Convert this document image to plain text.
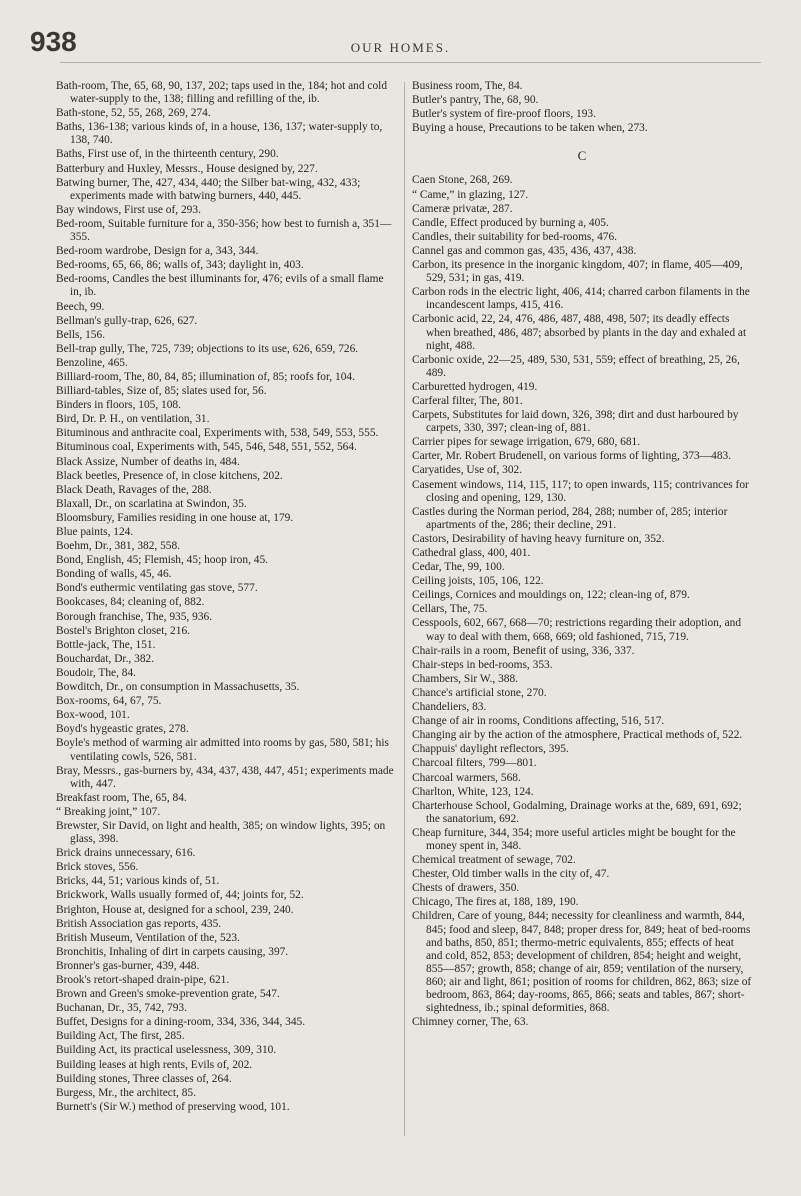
938	OUR HOMES.

Bath-room, The, 65, 68, 90, 137, 202; taps used in the, 184; hot and cold water-supply to the, 138; filling and refilling of the, ib.

Bath-stone, 52, 55, 268, 269, 274.

Baths, 136-138; various kinds of, in a house, 136, 137; water-supply to, 138, 740.

Baths, First use of, in the thirteenth century, 290.

Batterbury and Huxley, Messrs., House designed by, 227.

Batwing burner, The, 427, 434, 440; the Silber bat-wing, 432, 433; experiments made with batwing burners, 440, 445.

Bay windows, First use of, 293.

Bed-room, Suitable furniture for a, 350-356; how best to furnish a, 351—355.

Bed-room wardrobe, Design for a, 343, 344.

Bed-rooms, 65, 66, 86; walls of, 343; daylight in, 403.

Bed-rooms, Candles the best illuminants for, 476; evils of a small flame in, ib.

Beech, 99.

Bellman's gully-trap, 626, 627.

Bells, 156.

Bell-trap gully, The, 725, 739; objections to its use, 626, 659, 726.

Benzoline, 465.

Billiard-room, The, 80, 84, 85; illumination of, 85; roofs for, 104.

Billiard-tables, Size of, 85; slates used for, 56.

Binders in floors, 105, 108.

Bird, Dr. P. H., on ventilation, 31.

Bituminous and anthracite coal, Experiments with, 538, 549, 553, 555.

Bituminous coal, Experiments with, 545, 546, 548, 551, 552, 564.

Black Assize, Number of deaths in, 484.

Black beetles, Presence of, in close kitchens, 202.

Black Death, Ravages of the, 288.

Blaxall, Dr., on scarlatina at Swindon, 35.

Bloomsbury, Families residing in one house at, 179.

Blue paints, 124.

Boehm, Dr., 381, 382, 558.

Bond, English, 45; Flemish, 45; hoop iron, 45.

Bonding of walls, 45, 46.

Bond's euthermic ventilating gas stove, 577.

Bookcases, 84; cleaning of, 882.

Borough franchise, The, 935, 936.

Bostel's Brighton closet, 216.

Bottle-jack, The, 151.

Bouchardat, Dr., 382.

Boudoir, The, 84.

Bowditch, Dr., on consumption in Massachusetts, 35.

Box-rooms, 64, 67, 75.

Box-wood, 101.

Boyd's hygeastic grates, 278.

Boyle's method of warming air admitted into rooms by gas, 580, 581; his ventilating cowls, 526, 581.

Bray, Messrs., gas-burners by, 434, 437, 438, 447, 451; experiments made with, 447.

Breakfast room, The, 65, 84.

“ Breaking joint,” 107.

Brewster, Sir David, on light and health, 385; on window lights, 395; on glass, 398.

Brick drains unnecessary, 616.

Brick stoves, 556.

Bricks, 44, 51; various kinds of, 51.

Brickwork, Walls usually formed of, 44; joints for, 52.

Brighton, House at, designed for a school, 239, 240.

British Association gas reports, 435.

British Museum, Ventilation of the, 523.

Bronchitis, Inhaling of dirt in carpets causing, 397.

Bronner's gas-burner, 439, 448.

Brook's retort-shaped drain-pipe, 621.

Brown and Green's smoke-prevention grate, 547.

Buchanan, Dr., 35, 742, 793.

Buffet, Designs for a dining-room, 334, 336, 344, 345.

Building Act, The first, 285.

Building Act, its practical uselessness, 309, 310.

Building leases at high rents, Evils of, 202.

Building stones, Three classes of, 264.

Burgess, Mr., the architect, 85.

Burnett's (Sir W.) method of preserving wood, 101.

Business room, The, 84.

Butler's pantry, The, 68, 90.

Butler's system of fire-proof floors, 193.

Buying a house, Precautions to be taken when, 273.

C

Caen Stone, 268, 269.

“ Came,” in glazing, 127.

Cameræ privatæ, 287.

Candle, Effect produced by burning a, 405.

Candles, their suitability for bed-rooms, 476.

Cannel gas and common gas, 435, 436, 437, 438.

Carbon, its presence in the inorganic kingdom, 407; in flame, 405—409, 529, 531; in gas, 419.

Carbon rods in the electric light, 406, 414; charred carbon filaments in the incandescent lamps, 415, 416.

Carbonic acid, 22, 24, 476, 486, 487, 488, 498, 507; its deadly effects when breathed, 486, 487; absorbed by plants in the day and exhaled at night, 488.

Carbonic oxide, 22—25, 489, 530, 531, 559; effect of breathing, 25, 26, 489.

Carburetted hydrogen, 419.

Carferal filter, The, 801.

Carpets, Substitutes for laid down, 326, 398; dirt and dust harboured by carpets, 330, 397; clean-ing of, 881.

Carrier pipes for sewage irrigation, 679, 680, 681.

Carter, Mr. Robert Brudenell, on various forms of lighting, 373—483.

Caryatides, Use of, 302.

Casement windows, 114, 115, 117; to open inwards, 115; contrivances for closing and opening, 129, 130.

Castles during the Norman period, 284, 288; number of, 285; interior apartments of the, 286; their decline, 291.

Castors, Desirability of having heavy furniture on, 352.

Cathedral glass, 400, 401.

Cedar, The, 99, 100.

Ceiling joists, 105, 106, 122.

Ceilings, Cornices and mouldings on, 122; clean-ing of, 879.

Cellars, The, 75.

Cesspools, 602, 667, 668—70; restrictions regarding their adoption, and way to deal with them, 668, 669; old fashioned, 715, 719.

Chair-rails in a room, Benefit of using, 336, 337.

Chair-steps in bed-rooms, 353.

Chambers, Sir W., 388.

Chance's artificial stone, 270.

Chandeliers, 83.

Change of air in rooms, Conditions affecting, 516, 517.

Changing air by the action of the atmosphere, Practical methods of, 522.

Chappuis' daylight reflectors, 395.

Charcoal filters, 799—801.

Charcoal warmers, 568.

Charlton, White, 123, 124.

Charterhouse School, Godalming, Drainage works at the, 689, 691, 692; the sanatorium, 692.

Cheap furniture, 344, 354; more useful articles might be bought for the money spent in, 348.

Chemical treatment of sewage, 702.

Chester, Old timber walls in the city of, 47.

Chests of drawers, 350.

Chicago, The fires at, 188, 189, 190.

Children, Care of young, 844; necessity for cleanliness and warmth, 844, 845; food and sleep, 847, 848; proper dress for, 849; heat of bed-rooms and baths, 850, 851; thermo-metric equivalents, 855; effects of heat and cold, 852, 853; development of children, 854; height and weight, 855—857; growth, 858; change of air, 859; ventilation of the nursery, 860; air and light, 861; position of rooms for children, 862, 863; size of bedroom, 863, 864; day-rooms, 865, 866; seats and tables, 867; short-sightedness, ib.; spinal deformities, 868.

Chimney corner, The, 63.
